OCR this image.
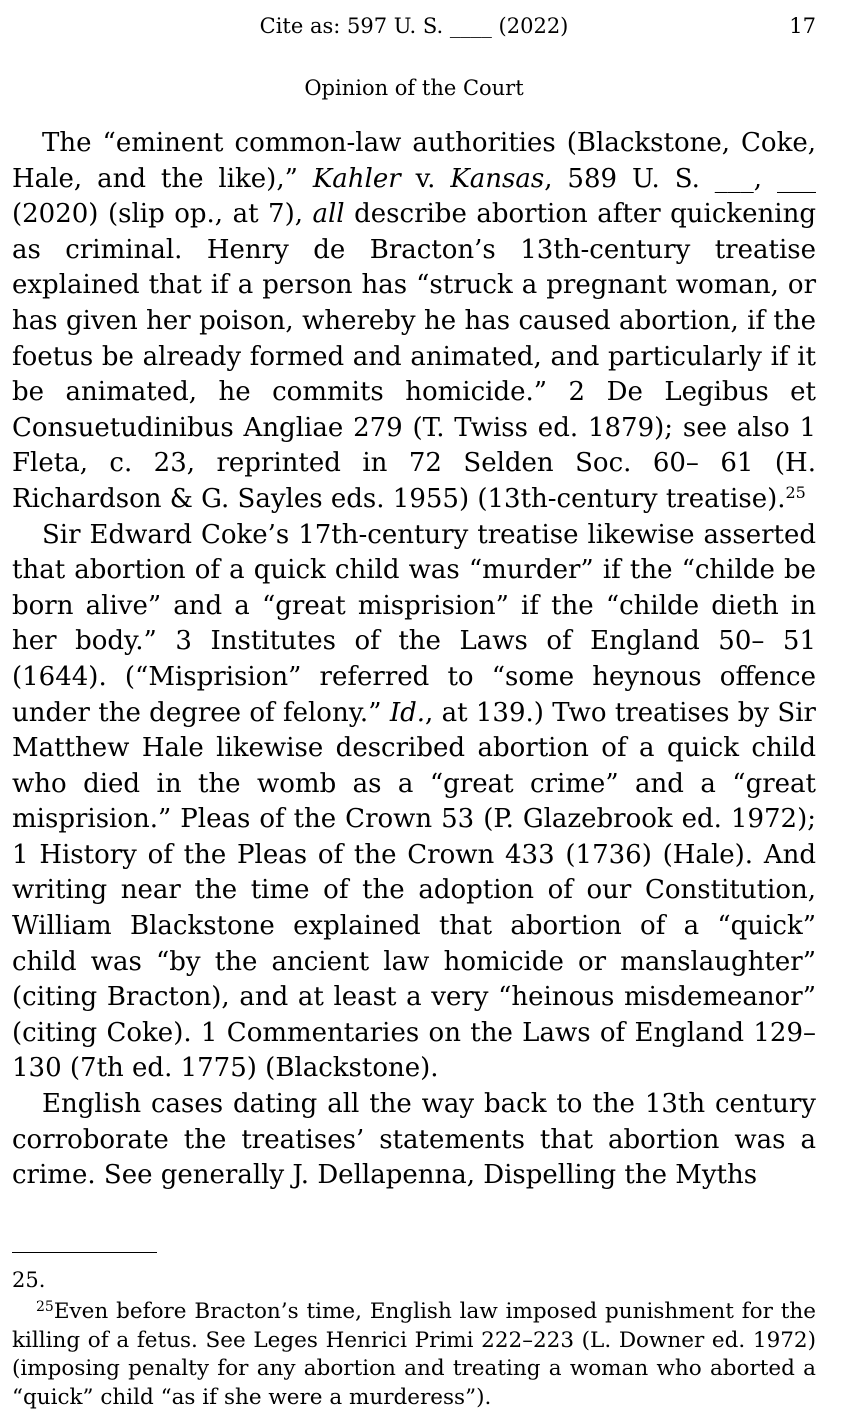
Cite as: 597 U. S. ____ (2022)	17
Opinion of the Court

The “eminent common-law authorities (Blackstone, Coke, Hale, and the like),” Kahler v. Kansas, 589 U. S. ___, ___ (2020) (slip op., at 7), all describe abortion after quickening as criminal. Henry de Bracton’s 13th-century treatise explained that if a person has “struck a pregnant woman, or has given her poison, whereby he has caused abortion, if the foetus be already formed and animated, and particularly if it be animated, he commits homicide.” 2 De Legibus et Consuetudinibus Angliae 279 (T. Twiss ed. 1879); see also 1 Fleta, c. 23, reprinted in 72 Selden Soc. 60– 61 (H. Richardson & G. Sayles eds. 1955) (13th-century treatise).$^{25}$

Sir Edward Coke’s 17th-century treatise likewise asserted that abortion of a quick child was “murder” if the “childe be born alive” and a “great misprision” if the “childe dieth in her body.” 3 Institutes of the Laws of England 50– 51 (1644). (“Misprision” referred to “some heynous offence under the degree of felony.” Id., at 139.) Two treatises by Sir Matthew Hale likewise described abortion of a quick child who died in the womb as a “great crime” and a “great misprision.” Pleas of the Crown 53 (P. Glazebrook ed. 1972); 1 History of the Pleas of the Crown 433 (1736) (Hale). And writing near the time of the adoption of our Constitution, William Blackstone explained that abortion of a “quick” child was “by the ancient law homicide or manslaughter” (citing Bracton), and at least a very “heinous misdemeanor” (citing Coke). 1 Commentaries on the Laws of England 129–130 (7th ed. 1775) (Blackstone).

English cases dating all the way back to the 13th century corroborate the treatises’ statements that abortion was a crime. See generally J. Dellapenna, Dispelling the Myths

25.

$^{25}$Even before Bracton’s time, English law imposed punishment for the killing of a fetus. See Leges Henrici Primi 222–223 (L. Downer ed. 1972) (imposing penalty for any abortion and treating a woman who aborted a “quick” child “as if she were a murderess”).
